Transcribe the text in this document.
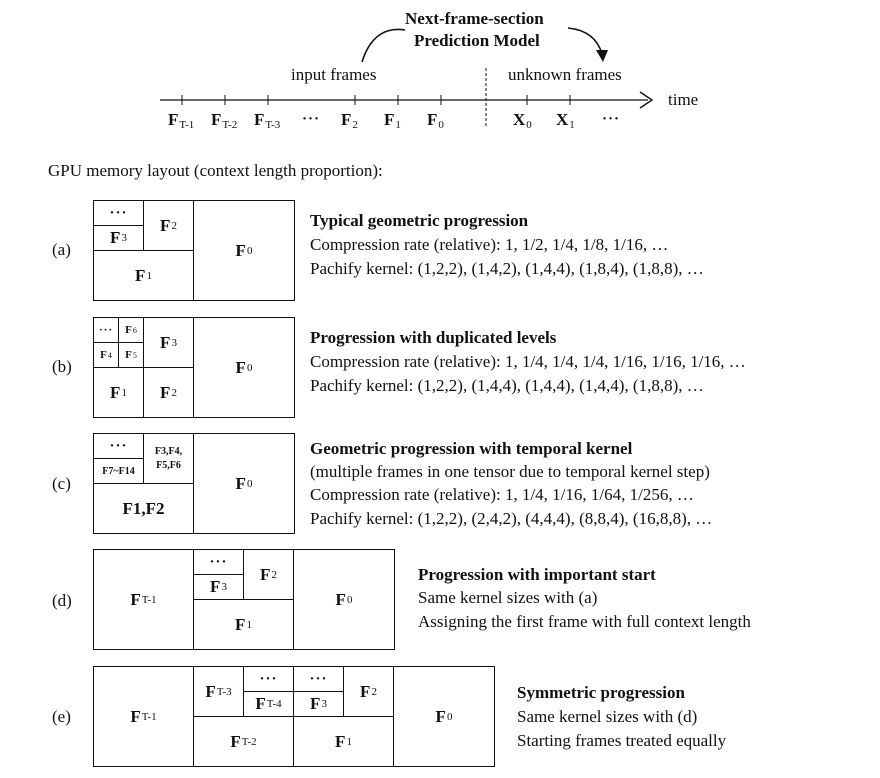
Next-frame-section
Prediction Model
input frames	unknown frames
time
$F_{T-1}$ $F_{T-2}$ $F_{T-3}$	···	$F_2$	$F_1$	$F_0$	$X_0$	$X_1$	···
GPU memory layout (context length proportion):
(a)
···
F 3
F 2
F 1
F 0
Typical geometric progression
Compression rate (relative): 1, 1/2, 1/4, 1/8, 1/16, …
Pachify kernel: (1,2,2), (1,4,2), (1,4,4), (1,8,4), (1,8,8), …
(b)
··· F 6
F 4 F 5
F 3
F 1 F 2
F 0
Progression with duplicated levels
Compression rate (relative): 1, 1/4, 1/4, 1/4, 1/16, 1/16, 1/16, …
Pachify kernel: (1,2,2), (1,4,4), (1,4,4), (1,4,4), (1,8,8), …
(c)
···
F7~F14
F3,F4,
F5,F6
F1,F2
F 0
Geometric progression with temporal kernel
(multiple frames in one tensor due to temporal kernel step)
Compression rate (relative): 1, 1/4, 1/16, 1/64, 1/256, …
Pachify kernel: (1,2,2), (2,4,2), (4,4,4), (8,8,4), (16,8,8), …
(d)	F T-1
···
F 3
F 2
F 1
F 0
Progression with important start
Same kernel sizes with (a)
Assigning the first frame with full context length
(e)	F T-1
F T-3
···
F T-4
F T-2
···
F 3
F 2
F 1
F 0
Symmetric progression
Same kernel sizes with (d)
Starting frames treated equally
